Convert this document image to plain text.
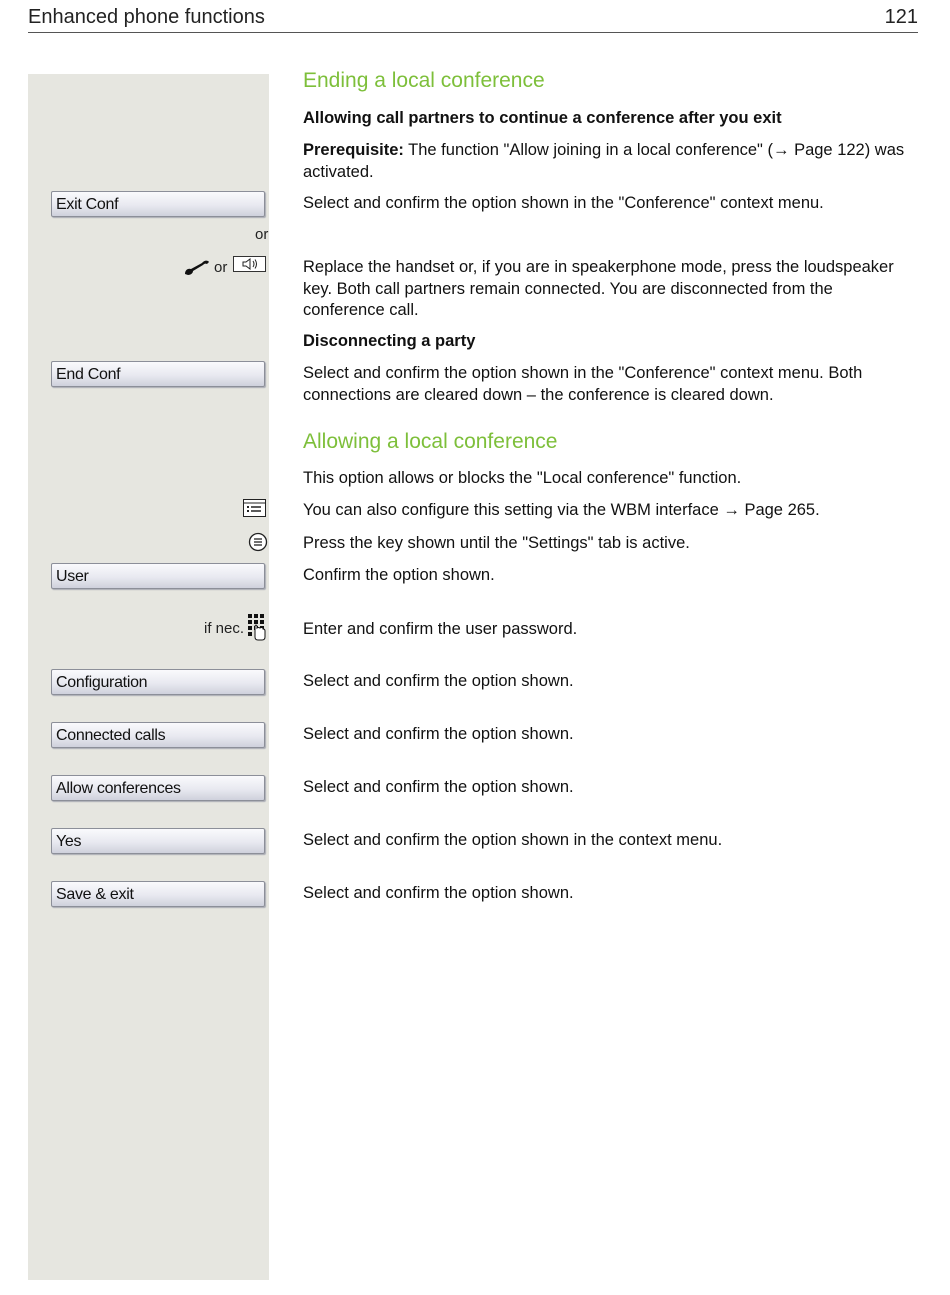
Enhanced phone functions	121
Ending a local conference
Allowing call partners to continue a conference after you exit
Prerequisite: The function "Allow joining in a local conference" (→ Page 122) was activated.
Exit Conf	Select and confirm the option shown in the "Conference" context menu.
or
or	Replace the handset or, if you are in speakerphone mode, press the loudspeaker key. Both call partners remain connected. You are disconnected from the conference call.
Disconnecting a party
End Conf	Select and confirm the option shown in the "Conference" context menu. Both connections are cleared down – the conference is cleared down.
Allowing a local conference
This option allows or blocks the "Local conference" function.
You can also configure this setting via the WBM interface → Page 265.
Press the key shown until the "Settings" tab is active.
User	Confirm the option shown.
if nec.	Enter and confirm the user password.
Configuration	Select and confirm the option shown.
Connected calls	Select and confirm the option shown.
Allow conferences	Select and confirm the option shown.
Yes	Select and confirm the option shown in the context menu.
Save & exit	Select and confirm the option shown.
